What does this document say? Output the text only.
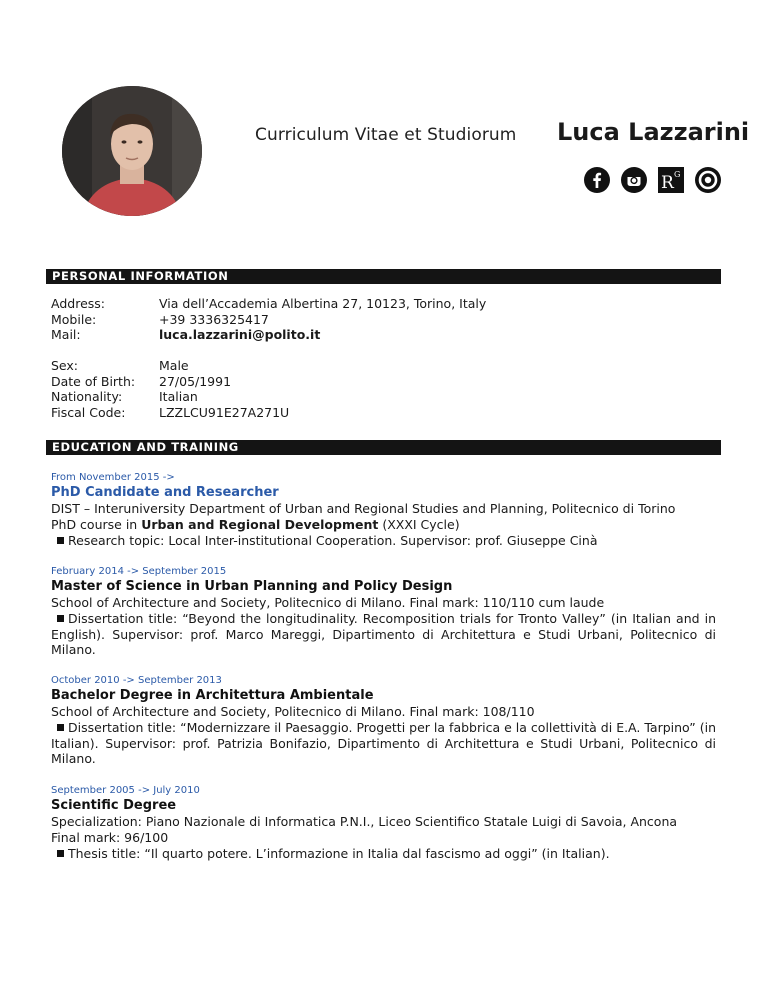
Curriculum Vitae et Studiorum Luca Lazzarini
R G
PERSONAL INFORMATION
Address:	Via dell’Accademia Albertina 27, 10123, Torino, Italy
Mobile:	+39 3336325417
Mail:	luca.lazzarini@polito.it
Sex:	Male
Date of Birth:	27/05/1991
Nationality:	Italian
Fiscal Code:	LZZLCU91E27A271U
EDUCATION AND TRAINING
From November 2015 ->
PhD Candidate and Researcher
DIST – Interuniversity Department of Urban and Regional Studies and Planning, Politecnico di Torino
PhD course in Urban and Regional Development (XXXI Cycle)
Research topic: Local Inter-institutional Cooperation. Supervisor: prof. Giuseppe Cinà
February 2014 -> September 2015
Master of Science in Urban Planning and Policy Design
School of Architecture and Society, Politecnico di Milano. Final mark: 110/110 cum laude
Dissertation title: “Beyond the longitudinality. Recomposition trials for Tronto Valley” (in Italian and in English). Supervisor: prof. Marco Mareggi, Dipartimento di Architettura e Studi Urbani, Politecnico di Milano.
October 2010 -> September 2013
Bachelor Degree in Architettura Ambientale
School of Architecture and Society, Politecnico di Milano. Final mark: 108/110
Dissertation title: “Modernizzare il Paesaggio. Progetti per la fabbrica e la collettività di E.A. Tarpino” (in Italian). Supervisor: prof. Patrizia Bonifazio, Dipartimento di Architettura e Studi Urbani, Politecnico di Milano.
September 2005 -> July 2010
Scientific Degree
Specialization: Piano Nazionale di Informatica P.N.I., Liceo Scientifico Statale Luigi di Savoia, Ancona
Final mark: 96/100
Thesis title: “Il quarto potere. L’informazione in Italia dal fascismo ad oggi” (in Italian).
